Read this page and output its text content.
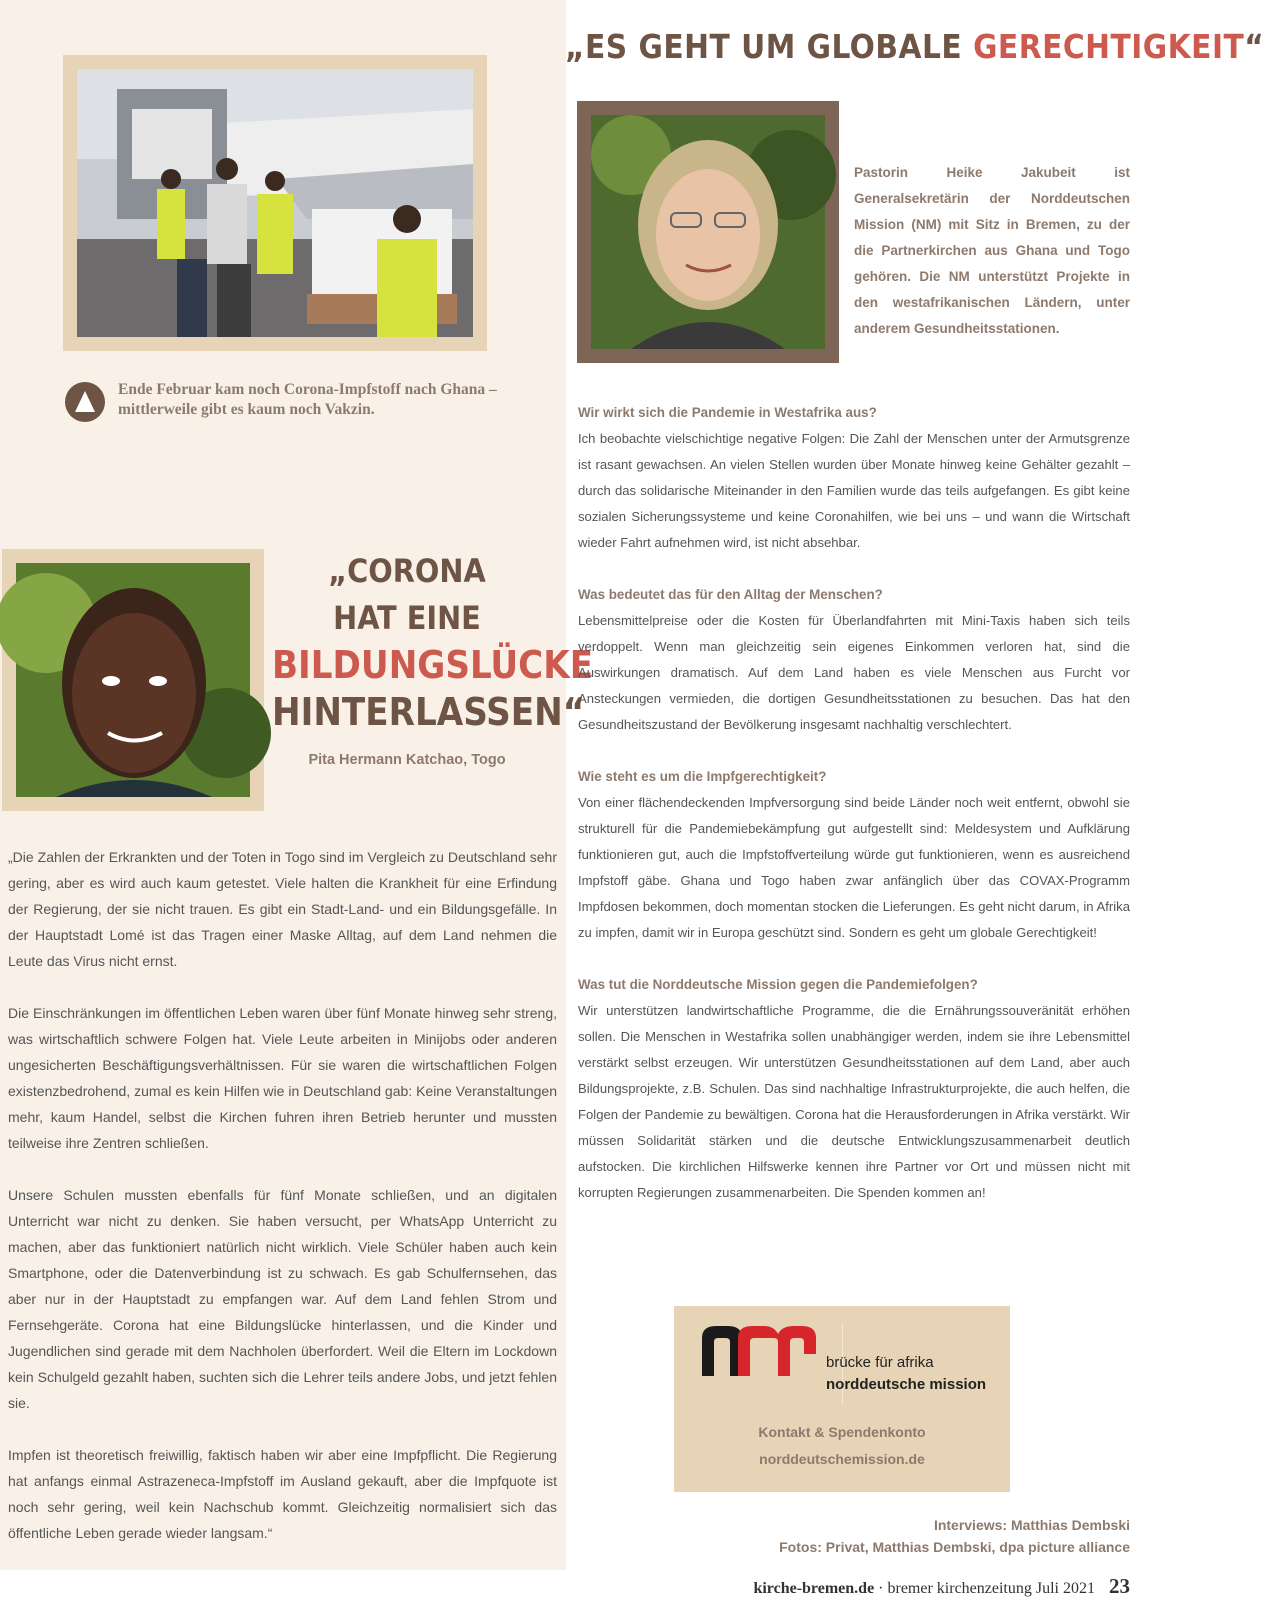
Ende Februar kam noch Corona-Impfstoff nach Ghana – mittlerweile gibt es kaum noch Vakzin.
„ES GEHT UM GLOBALE GERECHTIGKEIT“
Pastorin Heike Jakubeit ist Generalsekretärin der Norddeutschen Mission (NM) mit Sitz in Bremen, zu der die Partnerkirchen aus Ghana und Togo gehören. Die NM unterstützt Projekte in den westafrikanischen Ländern, unter anderem Gesundheitsstationen.
„CORONA
HAT EINE
BILDUNGSLÜCKE
HINTERLASSEN“
Pita Hermann Katchao, Togo

„Die Zahlen der Erkrankten und der Toten in Togo sind im Vergleich zu Deutschland sehr gering, aber es wird auch kaum getestet. Viele halten die Krankheit für eine Erfindung der Regierung, der sie nicht trauen. Es gibt ein Stadt-Land- und ein Bildungsgefälle. In der Hauptstadt Lomé ist das Tragen einer Maske Alltag, auf dem Land nehmen die Leute das Virus nicht ernst.

Die Einschränkungen im öffentlichen Leben waren über fünf Monate hinweg sehr streng, was wirtschaftlich schwere Folgen hat. Viele Leute arbeiten in Minijobs oder anderen ungesicherten Beschäftigungsverhältnissen. Für sie waren die wirtschaftlichen Folgen existenzbedrohend, zumal es kein Hilfen wie in Deutschland gab: Keine Veranstaltungen mehr, kaum Handel, selbst die Kirchen fuhren ihren Betrieb herunter und mussten teilweise ihre Zentren schließen.

Unsere Schulen mussten ebenfalls für fünf Monate schließen, und an digitalen Unterricht war nicht zu denken. Sie haben versucht, per WhatsApp Unterricht zu machen, aber das funktioniert natürlich nicht wirklich. Viele Schüler haben auch kein Smartphone, oder die Datenverbindung ist zu schwach. Es gab Schulfernsehen, das aber nur in der Hauptstadt zu empfangen war. Auf dem Land fehlen Strom und Fernsehgeräte. Corona hat eine Bildungslücke hinterlassen, und die Kinder und Jugendlichen sind gerade mit dem Nachholen überfordert. Weil die Eltern im Lockdown kein Schulgeld gezahlt haben, suchten sich die Lehrer teils andere Jobs, und jetzt fehlen sie.

Impfen ist theoretisch freiwillig, faktisch haben wir aber eine Impfpflicht. Die Regierung hat anfangs einmal Astrazeneca-Impfstoff im Ausland gekauft, aber die Impfquote ist noch sehr gering, weil kein Nachschub kommt. Gleichzeitig normalisiert sich das öffentliche Leben gerade wieder langsam.“

Wir wirkt sich die Pandemie in Westafrika aus?
Ich beobachte vielschichtige negative Folgen: Die Zahl der Menschen unter der Armutsgrenze ist rasant gewachsen. An vielen Stellen wurden über Monate hinweg keine Gehälter gezahlt – durch das solidarische Miteinander in den Familien wurde das teils aufgefangen. Es gibt keine sozialen Sicherungssysteme und keine Coronahilfen, wie bei uns – und wann die Wirtschaft wieder Fahrt aufnehmen wird, ist nicht absehbar.

Was bedeutet das für den Alltag der Menschen?
Lebensmittelpreise oder die Kosten für Überlandfahrten mit Mini-Taxis haben sich teils verdoppelt. Wenn man gleichzeitig sein eigenes Einkommen verloren hat, sind die Auswirkungen dramatisch. Auf dem Land haben es viele Menschen aus Furcht vor Ansteckungen vermieden, die dortigen Gesundheitsstationen zu besuchen. Das hat den Gesundheitszustand der Bevölkerung insgesamt nachhaltig verschlechtert.

Wie steht es um die Impfgerechtigkeit?
Von einer flächendeckenden Impfversorgung sind beide Länder noch weit entfernt, obwohl sie strukturell für die Pandemiebekämpfung gut aufgestellt sind: Meldesystem und Aufklärung funktionieren gut, auch die Impfstoffverteilung würde gut funktionieren, wenn es ausreichend Impfstoff gäbe. Ghana und Togo haben zwar anfänglich über das COVAX-Programm Impfdosen bekommen, doch momentan stocken die Lieferungen. Es geht nicht darum, in Afrika zu impfen, damit wir in Europa geschützt sind. Sondern es geht um globale Gerechtigkeit!

Was tut die Norddeutsche Mission gegen die Pandemiefolgen?
Wir unterstützen landwirtschaftliche Programme, die die Ernährungssouveränität erhöhen sollen. Die Menschen in Westafrika sollen unabhängiger werden, indem sie ihre Lebensmittel verstärkt selbst erzeugen. Wir unterstützen Gesundheitsstationen auf dem Land, aber auch Bildungsprojekte, z.B. Schulen. Das sind nachhaltige Infrastrukturprojekte, die auch helfen, die Folgen der Pandemie zu bewältigen. Corona hat die Herausforderungen in Afrika verstärkt. Wir müssen Solidarität stärken und die deutsche Entwicklungszusammenarbeit deutlich aufstocken. Die kirchlichen Hilfswerke kennen ihre Partner vor Ort und müssen nicht mit korrupten Regierungen zusammenarbeiten. Die Spenden kommen an!

brücke für afrika
norddeutsche mission
Kontakt & Spendenkonto
norddeutschemission.de
Interviews: Matthias Dembski
Fotos: Privat, Matthias Dembski, dpa picture alliance
kirche-bremen.de · bremer kirchenzeitung Juli 2021 23
